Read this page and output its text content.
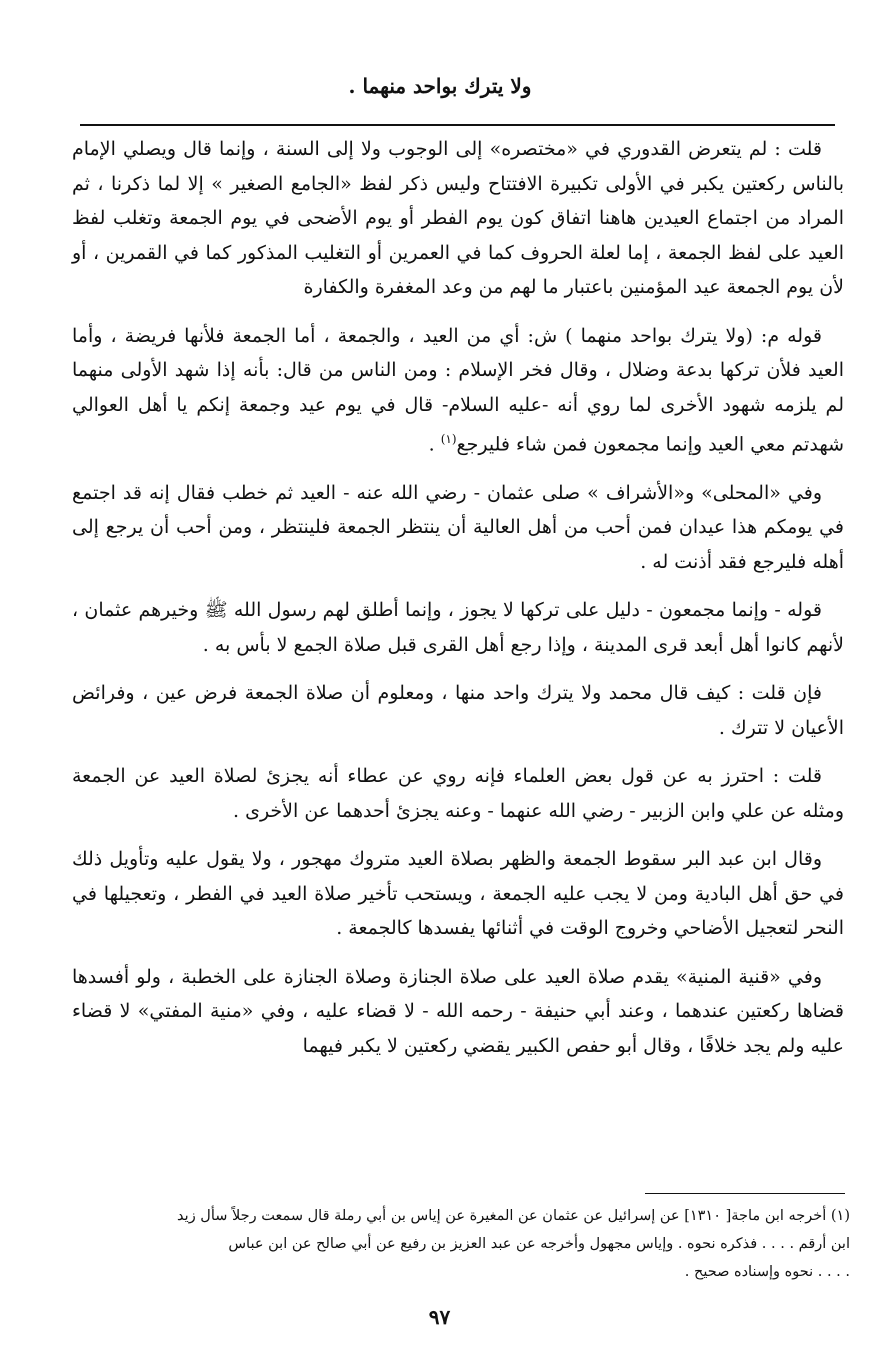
ولا يترك بواحد منهما .

قلت : لم يتعرض القدوري في «مختصره» إلى الوجوب ولا إلى السنة ، وإنما قال ويصلي الإمام بالناس ركعتين يكبر في الأولى تكبيرة الافتتاح وليس ذكر لفظ «الجامع الصغير » إلا لما ذكرنا ، ثم المراد من اجتماع العيدين هاهنا اتفاق كون يوم الفطر أو يوم الأضحى في يوم الجمعة وتغلب لفظ العيد على لفظ الجمعة ، إما لعلة الحروف كما في العمرين أو التغليب المذكور كما في القمرين ، أو لأن يوم الجمعة عيد المؤمنين باعتبار ما لهم من وعد المغفرة والكفارة

قوله م: (ولا يترك بواحد منهما ) ش: أي من العيد ، والجمعة ، أما الجمعة فلأنها فريضة ، وأما العيد فلأن تركها بدعة وضلال ، وقال فخر الإسلام : ومن الناس من قال: بأنه إذا شهد الأولى منهما لم يلزمه شهود الأخرى لما روي أنه -عليه السلام- قال في يوم عيد وجمعة إنكم يا أهل العوالي شهدتم معي العيد وإنما مجمعون فمن شاء فليرجع$^{(١)}$ .

وفي «المحلى» و«الأشراف » صلى عثمان - رضي الله عنه - العيد ثم خطب فقال إنه قد اجتمع في يومكم هذا عيدان فمن أحب من أهل العالية أن ينتظر الجمعة فلينتظر ، ومن أحب أن يرجع إلى أهله فليرجع فقد أذنت له .

قوله - وإنما مجمعون - دليل على تركها لا يجوز ، وإنما أطلق لهم رسول الله ﷺ وخيرهم عثمان ، لأنهم كانوا أهل أبعد قرى المدينة ، وإذا رجع أهل القرى قبل صلاة الجمع لا بأس به .

فإن قلت : كيف قال محمد ولا يترك واحد منها ، ومعلوم أن صلاة الجمعة فرض عين ، وفرائض الأعيان لا تترك .

قلت : احترز به عن قول بعض العلماء فإنه روي عن عطاء أنه يجزئ لصلاة العيد عن الجمعة ومثله عن علي وابن الزبير - رضي الله عنهما - وعنه يجزئ أحدهما عن الأخرى .

وقال ابن عبد البر سقوط الجمعة والظهر بصلاة العيد متروك مهجور ، ولا يقول عليه وتأويل ذلك في حق أهل البادية ومن لا يجب عليه الجمعة ، ويستحب تأخير صلاة العيد في الفطر ، وتعجيلها في النحر لتعجيل الأضاحي وخروج الوقت في أثنائها يفسدها كالجمعة .

وفي «قنية المنية» يقدم صلاة العيد على صلاة الجنازة وصلاة الجنازة على الخطبة ، ولو أفسدها قضاها ركعتين عندهما ، وعند أبي حنيفة - رحمه الله - لا قضاء عليه ، وفي «منية المفتي» لا قضاء عليه ولم يجد خلافًا ، وقال أبو حفص الكبير يقضي ركعتين لا يكبر فيهما

(١) أخرجه ابن ماجة[ ١٣١٠] عن إسرائيل عن عثمان عن المغيرة عن إياس بن أبي رملة قال سمعت رجلاً سأل زيد

ابن أرقم . . . . فذكره نحوه . وإياس مجهول وأخرجه عن عبد العزيز بن رفيع عن أبي صالح عن ابن عباس

. . . . نحوه وإسناده صحيح .

٩٧
